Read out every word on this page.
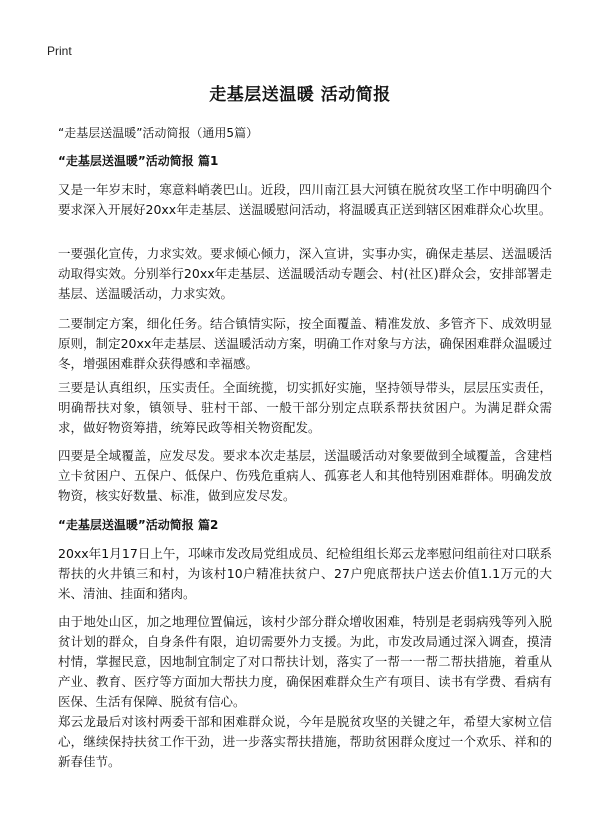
Print
走基层送温暖 活动简报
“走基层送温暖”活动简报（通用5篇）
“走基层送温暖”活动简报 篇1

又是一年岁末时，寒意料峭袭巴山。近段，四川南江县大河镇在脱贫攻坚工作中明确四个要求深入开展好20xx年走基层、送温暖慰问活动，将温暖真正送到辖区困难群众心坎里。

一要强化宣传，力求实效。要求倾心倾力，深入宣讲，实事办实，确保走基层、送温暖活动取得实效。分别举行20xx年走基层、送温暖活动专题会、村(社区)群众会，安排部署走基层、送温暖活动，力求实效。

二要制定方案，细化任务。结合镇情实际，按全面覆盖、精准发放、多管齐下、成效明显原则，制定20xx年走基层、送温暖活动方案，明确工作对象与方法，确保困难群众温暖过冬，增强困难群众获得感和幸福感。

三要是认真组织，压实责任。全面统揽，切实抓好实施，坚持领导带头，层层压实责任，明确帮扶对象，镇领导、驻村干部、一般干部分别定点联系帮扶贫困户。为满足群众需求，做好物资筹措，统筹民政等相关物资配发。

四要是全域覆盖，应发尽发。要求本次走基层，送温暖活动对象要做到全域覆盖，含建档立卡贫困户、五保户、低保户、伤残危重病人、孤寡老人和其他特别困难群体。明确发放物资，核实好数量、标准，做到应发尽发。

“走基层送温暖”活动简报 篇2

20xx年1月17日上午，邛崃市发改局党组成员、纪检组组长郑云龙率慰问组前往对口联系帮扶的火井镇三和村，为该村10户精准扶贫户、27户兜底帮扶户送去价值1.1万元的大米、清油、挂面和猪肉。

由于地处山区，加之地理位置偏远，该村少部分群众增收困难，特别是老弱病残等列入脱贫计划的群众，自身条件有限，迫切需要外力支援。为此，市发改局通过深入调查，摸清村情，掌握民意，因地制宜制定了对口帮扶计划，落实了一帮一一帮二帮扶措施，着重从产业、教育、医疗等方面加大帮扶力度，确保困难群众生产有项目、读书有学费、看病有医保、生活有保障、脱贫有信心。

郑云龙最后对该村两委干部和困难群众说，今年是脱贫攻坚的关键之年，希望大家树立信心，继续保持扶贫工作干劲，进一步落实帮扶措施，帮助贫困群众度过一个欢乐、祥和的新春佳节。
